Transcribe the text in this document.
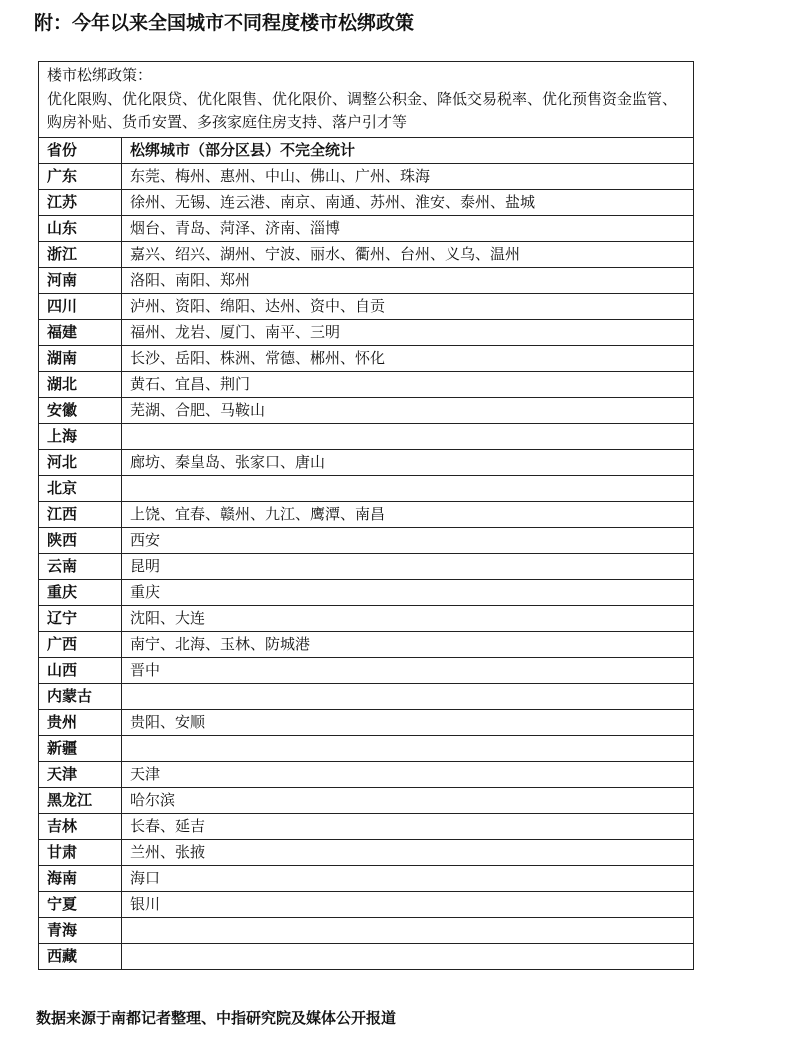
附：今年以来全国城市不同程度楼市松绑政策
楼市松绑政策：
优化限购、优化限贷、优化限售、优化限价、调整公积金、降低交易税率、优化预售资金监管、购房补贴、货币安置、多孩家庭住房支持、落户引才等	

省份	松绑城市（部分区县）不完全统计
广东	东莞、梅州、惠州、中山、佛山、广州、珠海
江苏	徐州、无锡、连云港、南京、南通、苏州、淮安、泰州、盐城
山东	烟台、青岛、菏泽、济南、淄博
浙江	嘉兴、绍兴、湖州、宁波、丽水、衢州、台州、义乌、温州
河南	洛阳、南阳、郑州
四川	泸州、资阳、绵阳、达州、资中、自贡
福建	福州、龙岩、厦门、南平、三明
湖南	长沙、岳阳、株洲、常德、郴州、怀化
湖北	黄石、宜昌、荆门
安徽	芜湖、合肥、马鞍山
上海	
河北	廊坊、秦皇岛、张家口、唐山
北京	
江西	上饶、宜春、赣州、九江、鹰潭、南昌
陕西	西安
云南	昆明
重庆	重庆
辽宁	沈阳、大连
广西	南宁、北海、玉林、防城港
山西	晋中
内蒙古	
贵州	贵阳、安顺
新疆	
天津	天津
黑龙江	哈尔滨
吉林	长春、延吉
甘肃	兰州、张掖
海南	海口
宁夏	银川
青海	
西藏	
数据来源于南都记者整理、中指研究院及媒体公开报道
